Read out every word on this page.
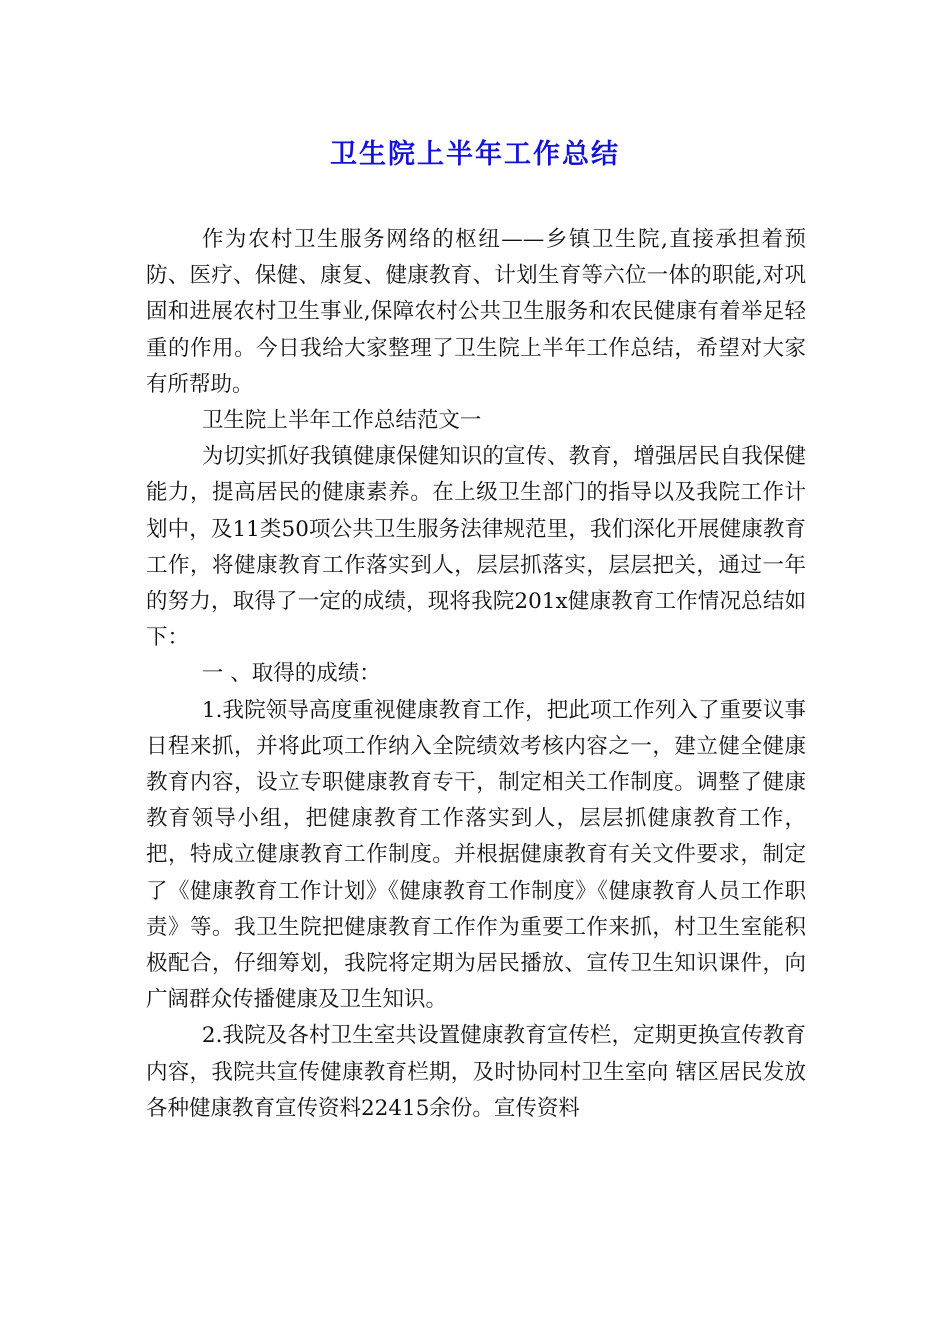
卫生院上半年工作总结

作为农村卫生服务网络的枢纽——乡镇卫生院,直接承担着预防、医疗、保健、康复、健康教育、计划生育等六位一体的职能,对巩固和进展农村卫生事业,保障农村公共卫生服务和农民健康有着举足轻重的作用。今日我给大家整理了卫生院上半年工作总结，希望对大家有所帮助。

卫生院上半年工作总结范文一

为切实抓好我镇健康保健知识的宣传、教育，增强居民自我保健能力，提高居民的健康素养。在上级卫生部门的指导以及我院工作计划中，及11类50项公共卫生服务法律规范里，我们深化开展健康教育工作，将健康教育工作落实到人，层层抓落实，层层把关，通过一年的努力，取得了一定的成绩，现将我院201x健康教育工作情况总结如下：

一 、取得的成绩：

1.我院领导高度重视健康教育工作，把此项工作列入了重要议事日程来抓，并将此项工作纳入全院绩效考核内容之一，建立健全健康教育内容，设立专职健康教育专干，制定相关工作制度。调整了健康教育领导小组，把健康教育工作落实到人，层层抓健康教育工作，把，特成立健康教育工作制度。并根据健康教育有关文件要求，制定了《健康教育工作计划》《健康教育工作制度》《健康教育人员工作职责》等。我卫生院把健康教育工作作为重要工作来抓，村卫生室能积极配合，仔细筹划，我院将定期为居民播放、宣传卫生知识课件，向广阔群众传播健康及卫生知识。

2.我院及各村卫生室共设置健康教育宣传栏，定期更换宣传教育内容，我院共宣传健康教育栏期，及时协同村卫生室向 辖区居民发放各种健康教育宣传资料22415余份。宣传资料
